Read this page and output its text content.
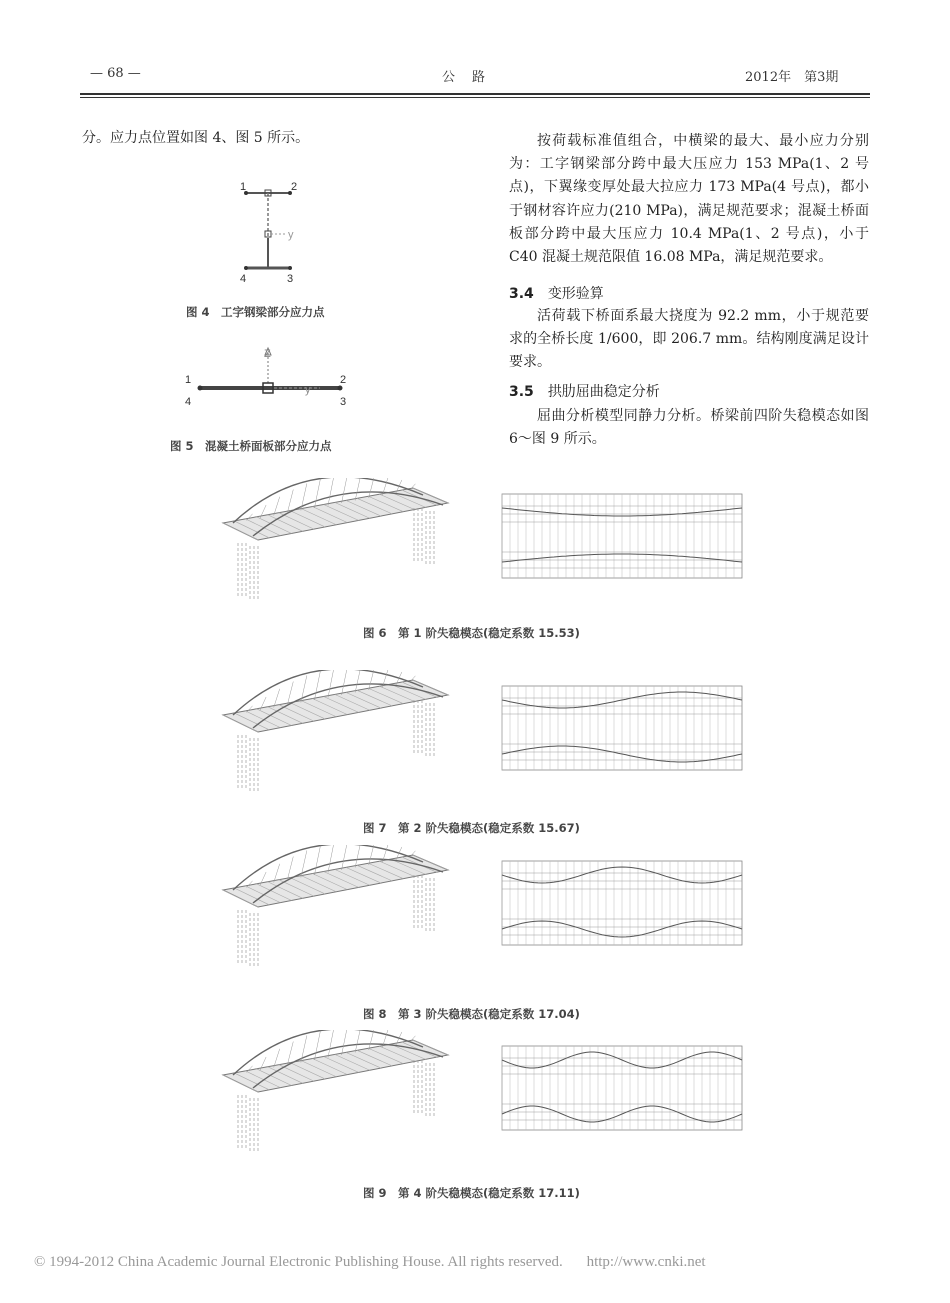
— 68 —	公　路	2012年　第3期
分。应力点位置如图 4、图 5 所示。
1	2
4	3
y
图 4　工字钢梁部分应力点
1	2
4	3
Z
y
图 5　混凝土桥面板部分应力点
按荷载标准值组合，中横梁的最大、最小应力分别为：工字钢梁部分跨中最大压应力 153 MPa(1、2 号点)，下翼缘变厚处最大拉应力 173 MPa(4 号点)，都小于钢材容许应力(210 MPa)，满足规范要求；混凝土桥面板部分跨中最大压应力 10.4 MPa(1、2 号点)，小于 C40 混凝土规范限值 16.08 MPa，满足规范要求。
3.4 变形验算
活荷载下桥面系最大挠度为 92.2 mm，小于规范要求的全桥长度 1/600，即 206.7 mm。结构刚度满足设计要求。
3.5 拱肋屈曲稳定分析
屈曲分析模型同静力分析。桥梁前四阶失稳模态如图 6～图 9 所示。
图 6　第 1 阶失稳模态(稳定系数 15.53)
图 7　第 2 阶失稳模态(稳定系数 15.67)
图 8　第 3 阶失稳模态(稳定系数 17.04)
图 9　第 4 阶失稳模态(稳定系数 17.11)
© 1994-2012 China Academic Journal Electronic Publishing House. All rights reserved. http://www.cnki.net
